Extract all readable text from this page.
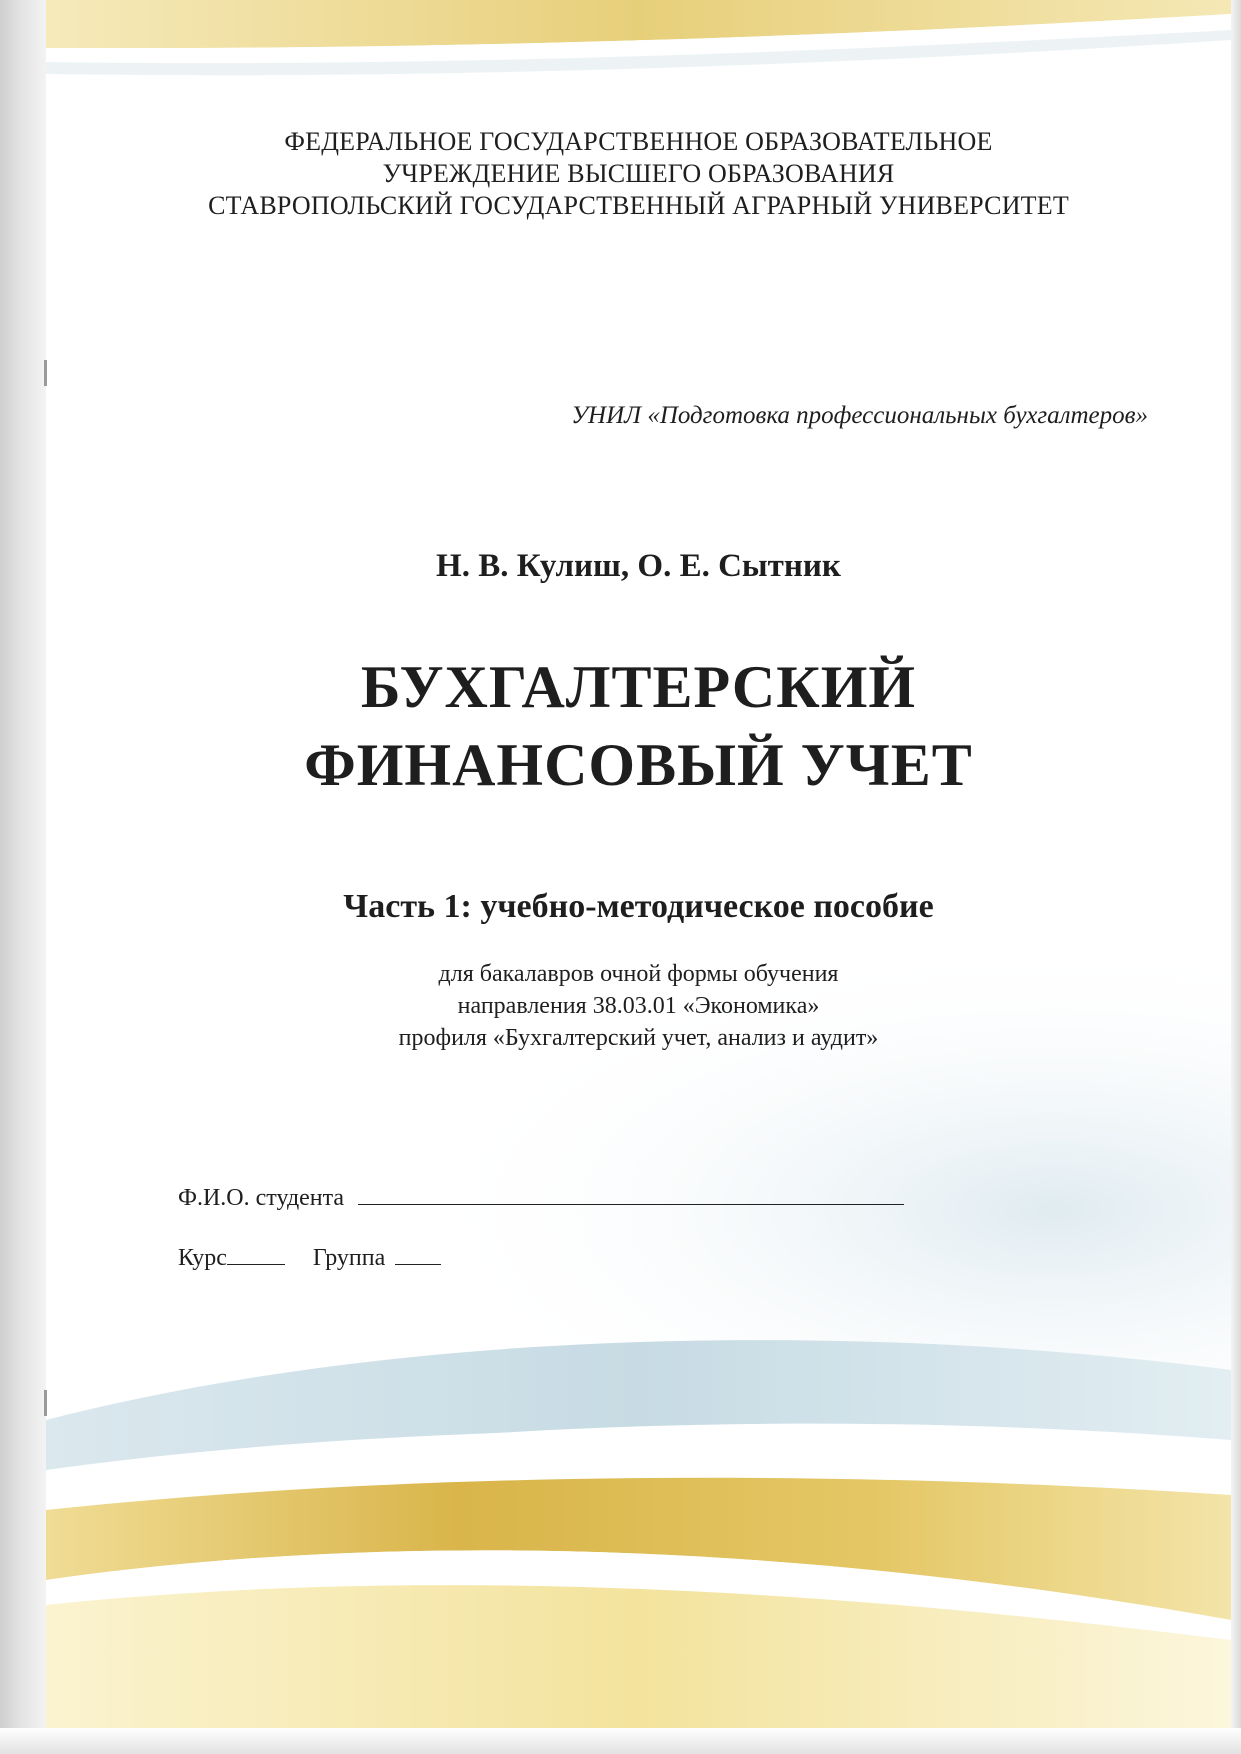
ФЕДЕРАЛЬНОЕ ГОСУДАРСТВЕННОЕ ОБРАЗОВАТЕЛЬНОЕ
УЧРЕЖДЕНИЕ ВЫСШЕГО ОБРАЗОВАНИЯ
СТАВРОПОЛЬСКИЙ ГОСУДАРСТВЕННЫЙ АГРАРНЫЙ УНИВЕРСИТЕТ
УНИЛ «Подготовка профессиональных бухгалтеров»
Н. В. Кулиш, О. Е. Сытник
БУХГАЛТЕРСКИЙ
ФИНАНСОВЫЙ УЧЕТ
Часть 1: учебно-методическое пособие
для бакалавров очной формы обучения
направления 38.03.01 «Экономика»
профиля «Бухгалтерский учет, анализ и аудит»
Ф.И.О. студента
Курс	Группа
